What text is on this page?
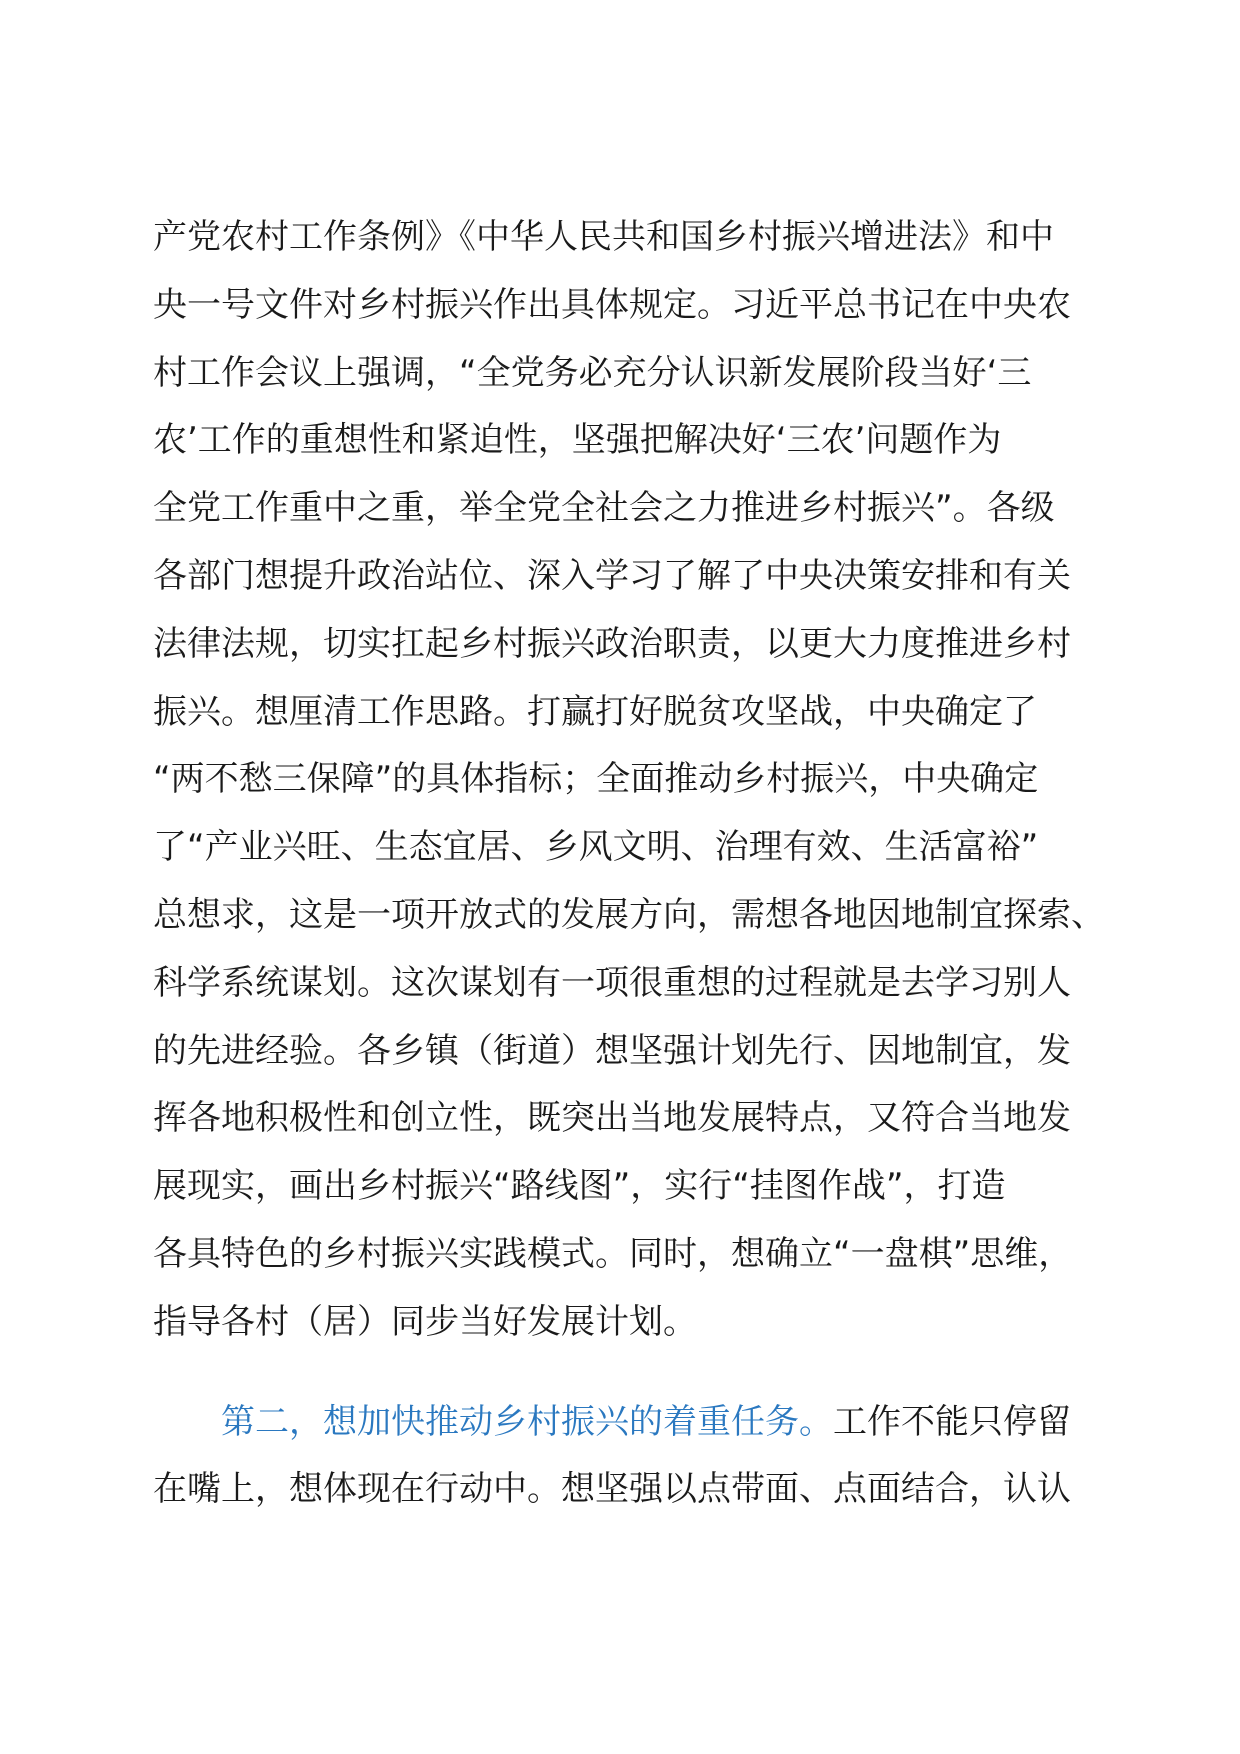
产党农村工作条例》《中华人民共和国乡村振兴增进法》和中
央一号文件对乡村振兴作出具体规定。习近平总书记在中央农
村工作会议上强调，“全党务必充分认识新发展阶段当好‘三
农’工作的重想性和紧迫性，坚强把解决好‘三农’问题作为
全党工作重中之重，举全党全社会之力推进乡村振兴”。各级
各部门想提升政治站位、深入学习了解了中央决策安排和有关
法律法规，切实扛起乡村振兴政治职责，以更大力度推进乡村
振兴。想厘清工作思路。打赢打好脱贫攻坚战，中央确定了
“两不愁三保障”的具体指标；全面推动乡村振兴，中央确定
了“产业兴旺、生态宜居、乡风文明、治理有效、生活富裕”
总想求，这是一项开放式的发展方向，需想各地因地制宜探索、
科学系统谋划。这次谋划有一项很重想的过程就是去学习别人
的先进经验。各乡镇（街道）想坚强计划先行、因地制宜，发
挥各地积极性和创立性，既突出当地发展特点，又符合当地发
展现实，画出乡村振兴“路线图”，实行“挂图作战”，打造
各具特色的乡村振兴实践模式。同时，想确立“一盘棋”思维，
指导各村（居）同步当好发展计划。
第二，想加快推动乡村振兴的着重任务。工作不能只停留
在嘴上，想体现在行动中。想坚强以点带面、点面结合，认认
